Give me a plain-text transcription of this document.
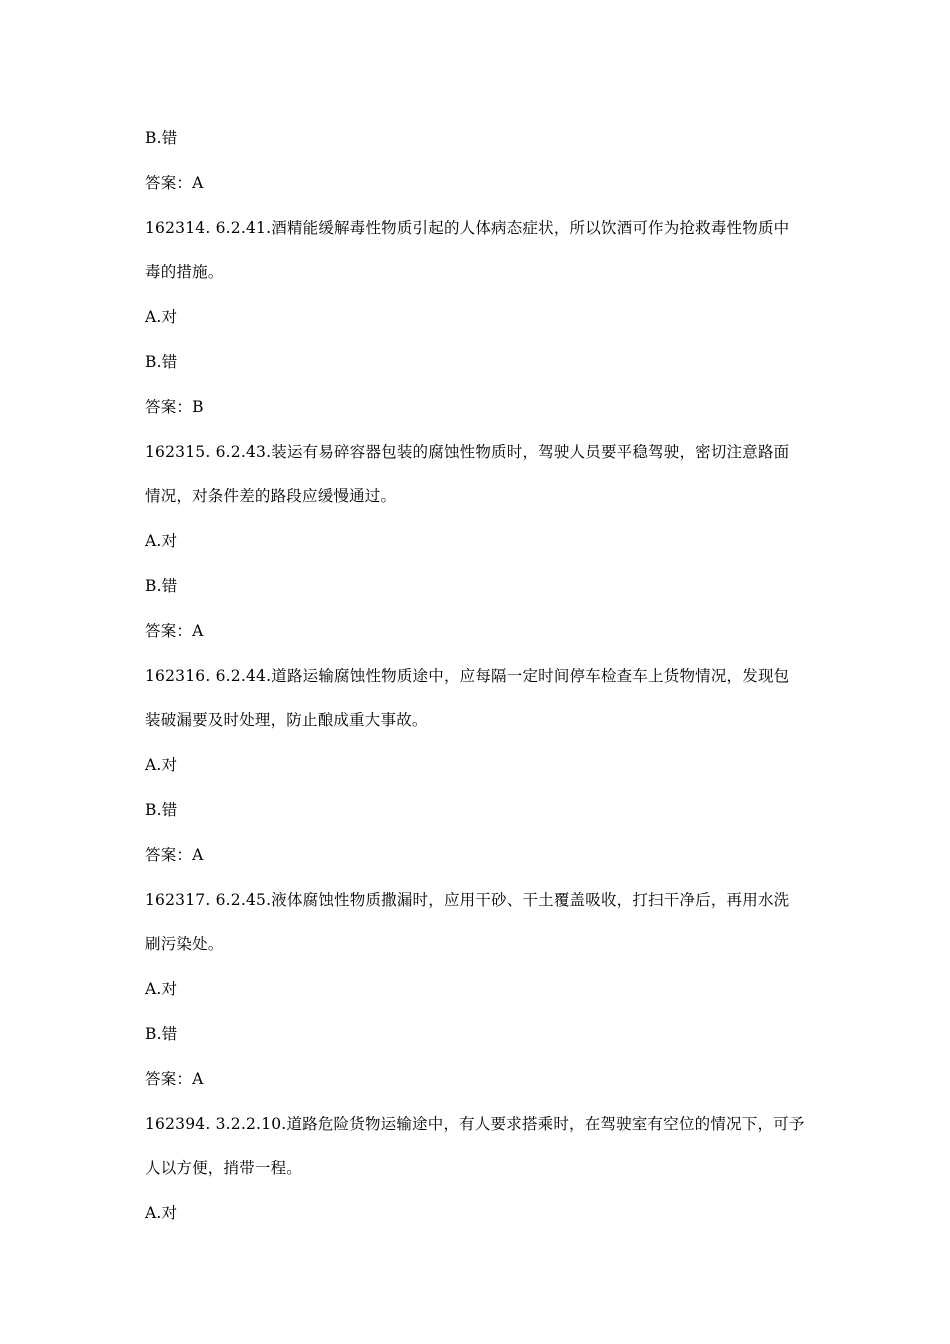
B.错
答案：A
162314. 6.2.41.酒精能缓解毒性物质引起的人体病态症状，所以饮酒可作为抢救毒性物质中
毒的措施。
A.对
B.错
答案：B
162315. 6.2.43.装运有易碎容器包装的腐蚀性物质时，驾驶人员要平稳驾驶，密切注意路面
情况，对条件差的路段应缓慢通过。
A.对
B.错
答案：A
162316. 6.2.44.道路运输腐蚀性物质途中，应每隔一定时间停车检查车上货物情况，发现包
装破漏要及时处理，防止酿成重大事故。
A.对
B.错
答案：A
162317. 6.2.45.液体腐蚀性物质撒漏时，应用干砂、干土覆盖吸收，打扫干净后，再用水洗
刷污染处。
A.对
B.错
答案：A
162394. 3.2.2.10.道路危险货物运输途中，有人要求搭乘时，在驾驶室有空位的情况下，可予
人以方便，捎带一程。
A.对
